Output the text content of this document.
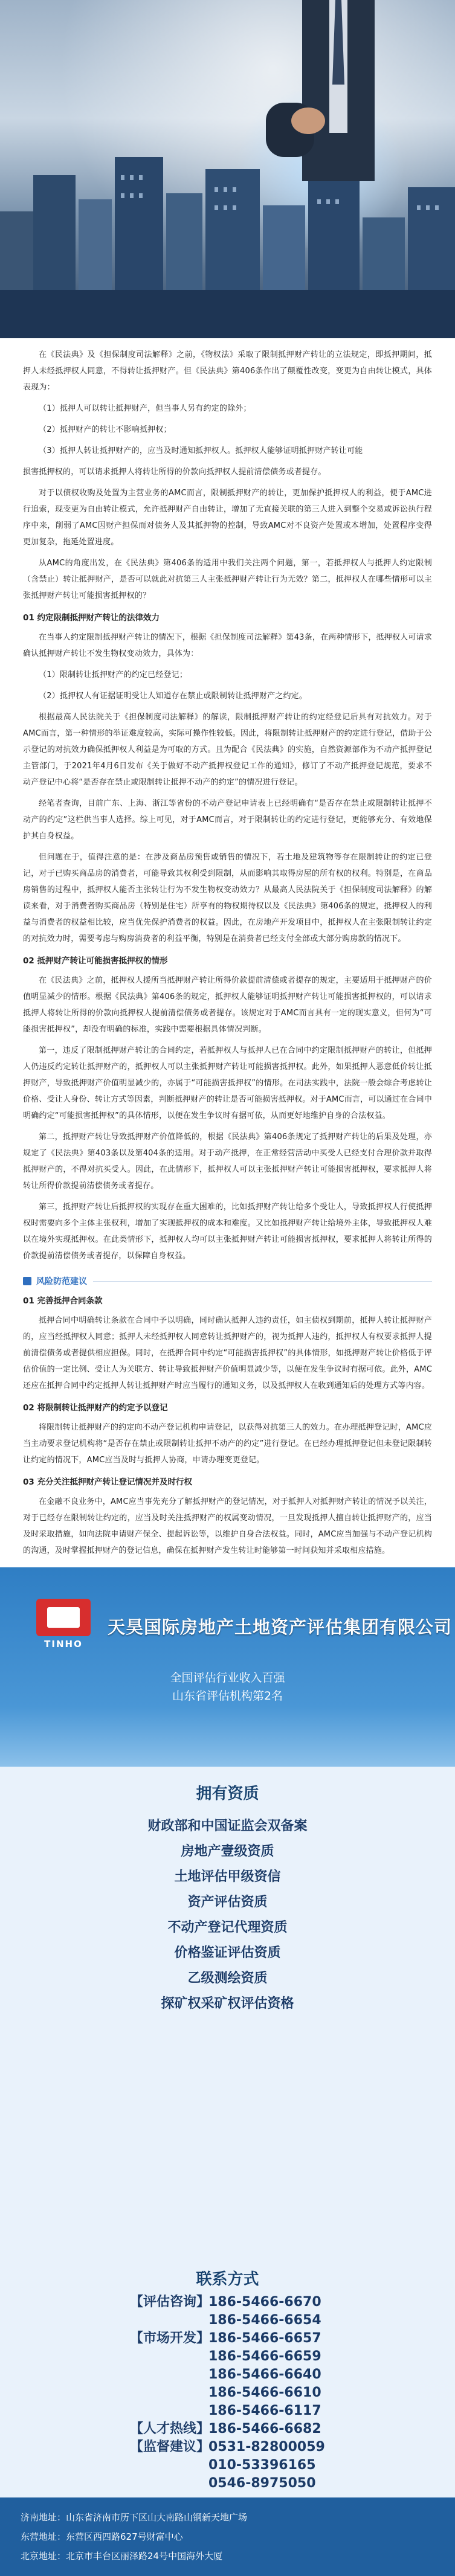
在《民法典》及《担保制度司法解释》之前，《物权法》采取了限制抵押财产转让的立法规定，即抵押期间，抵押人未经抵押权人同意，不得转让抵押财产。但《民法典》第406条作出了颠覆性改变，变更为自由转让模式，具体表现为：

（1）抵押人可以转让抵押财产，但当事人另有约定的除外；

（2）抵押财产的转让不影响抵押权；

（3）抵押人转让抵押财产的，应当及时通知抵押权人。抵押权人能够证明抵押财产转让可能

损害抵押权的，可以请求抵押人将转让所得的价款向抵押权人提前清偿债务或者提存。

对于以债权收购及处置为主营业务的AMC而言，限制抵押财产的转让，更加保护抵押权人的利益，便于AMC进行追索，现变更为自由转让模式，允许抵押财产自由转让，增加了无直接关联的第三人进入到整个交易或诉讼执行程序中来，削弱了AMC因财产担保而对债务人及其抵押物的控制，导致AMC对不良资产处置或本增加，处置程序变得更加复杂，拖延处置进度。

从AMC的角度出发，在《民法典》第406条的适用中我们关注两个问题，第一，若抵押权人与抵押人约定限制（含禁止）转让抵押财产，是否可以就此对抗第三人主张抵押财产转让行为无效？第二，抵押权人在哪些情形可以主张抵押财产转让可能损害抵押权的？

01 约定限制抵押财产转让的法律效力

在当事人约定限制抵押财产转让的情况下，根据《担保制度司法解释》第43条，在两种情形下，抵押权人可请求确认抵押财产转让不发生物权变动效力，具体为：

（1）限制转让抵押财产的约定已经登记；

（2）抵押权人有证据证明受让人知道存在禁止或限制转让抵押财产之约定。

根据最高人民法院关于《担保制度司法解释》的解读，限制抵押财产转让的约定经登记后具有对抗效力。对于AMC而言，第一种情形的举证难度较高，实际可操作性较低。因此，将限制转让抵押财产的约定进行登记，借助于公示登记的对抗效力确保抵押权人利益是为可取的方式。且为配合《民法典》的实施，自然资源部作为不动产抵押登记主管部门，于2021年4月6日发布《关于做好不动产抵押权登记工作的通知》，修订了不动产抵押登记规范，要求不动产登记中心将“是否存在禁止或限制转让抵押不动产的约定”的情况进行登记。

经笔者查询，目前广东、上海、浙江等省份的不动产登记申请表上已经明确有“是否存在禁止或限制转让抵押不动产的约定”这栏供当事人选择。综上可见，对于AMC而言，对于限制转让的约定进行登记，更能够充分、有效地保护其自身权益。

但问题在于，值得注意的是：在涉及商品房预售或销售的情况下，若土地及建筑物等存在限制转让的约定已登记，对于已购买商品房的消费者，可能导致其权利受到限制，从而影响其取得房屋的所有权的权利。特别是，在商品房销售的过程中，抵押权人能否主张转让行为不发生物权变动效力？从最高人民法院关于《担保制度司法解释》的解读来看，对于消费者购买商品房（特别是住宅）所享有的物权期待权以及《民法典》第406条的规定，抵押权人的利益与消费者的权益相比较，应当优先保护消费者的权益。因此，在房地产开发项目中，抵押权人在主张限制转让约定的对抗效力时，需要考虑与购房消费者的利益平衡，特别是在消费者已经支付全部或大部分购房款的情况下。

02 抵押财产转让可能损害抵押权的情形

在《民法典》之前，抵押权人援所当抵押财产转让所得价款提前清偿或者提存的规定，主要适用于抵押财产的价值明显减少的情形。根据《民法典》第406条的规定，抵押权人能够证明抵押财产转让可能损害抵押权的，可以请求抵押人将转让所得的价款向抵押权人提前清偿债务或者提存。该规定对于AMC而言具有一定的现实意义，但何为“可能损害抵押权”，却没有明确的标准，实践中需要根据具体情况判断。

第一，违反了限制抵押财产转让的合同约定，若抵押权人与抵押人已在合同中约定限制抵押财产的转让，但抵押人仍违反约定转让抵押财产的，抵押权人可以主张抵押财产转让可能损害抵押权。此外，如果抵押人恶意低价转让抵押财产，导致抵押财产价值明显减少的，亦属于“可能损害抵押权”的情形。在司法实践中，法院一般会综合考虑转让价格、受让人身份、转让方式等因素，判断抵押财产的转让是否可能损害抵押权。对于AMC而言，可以通过在合同中明确约定“可能损害抵押权”的具体情形，以便在发生争议时有据可依，从而更好地维护自身的合法权益。

第二，抵押财产转让导致抵押财产价值降低的，根据《民法典》第406条规定了抵押财产转让的后果及处理，亦规定了《民法典》第403条以及第404条的适用。对于动产抵押，在正常经营活动中买受人已经支付合理价款并取得抵押财产的，不得对抗买受人。因此，在此情形下，抵押权人可以主张抵押财产转让可能损害抵押权，要求抵押人将转让所得价款提前清偿债务或者提存。

第三，抵押财产转让后抵押权的实现存在重大困难的，比如抵押财产转让给多个受让人，导致抵押权人行使抵押权时需要向多个主体主张权利，增加了实现抵押权的成本和难度。又比如抵押财产转让给境外主体，导致抵押权人难以在境外实现抵押权。在此类情形下，抵押权人均可以主张抵押财产转让可能损害抵押权，要求抵押人将转让所得的价款提前清偿债务或者提存，以保障自身权益。

风险防范建议
01 完善抵押合同条款

抵押合同中明确转让条款在合同中予以明确，同时确认抵押人违约责任，如主债权到期前，抵押人转让抵押财产的，应当经抵押权人同意；抵押人未经抵押权人同意转让抵押财产的，视为抵押人违约，抵押权人有权要求抵押人提前清偿债务或者提供相应担保。同时，在抵押合同中约定“可能损害抵押权”的具体情形，如抵押财产转让价格低于评估价值的一定比例、受让人为关联方、转让导致抵押财产价值明显减少等，以便在发生争议时有据可依。此外，AMC还应在抵押合同中约定抵押人转让抵押财产时应当履行的通知义务，以及抵押权人在收到通知后的处理方式等内容。

02 将限制转让抵押财产的约定予以登记

将限制转让抵押财产的约定向不动产登记机构申请登记，以获得对抗第三人的效力。在办理抵押登记时，AMC应当主动要求登记机构将“是否存在禁止或限制转让抵押不动产的约定”进行登记。在已经办理抵押登记但未登记限制转让约定的情况下，AMC应当及时与抵押人协商，申请办理变更登记。

03 充分关注抵押财产转让登记情况并及时行权

在金融不良业务中，AMC应当事先充分了解抵押财产的登记情况，对于抵押人对抵押财产转让的情况予以关注，对于已经存在限制转让约定的，应当及时关注抵押财产的权属变动情况，一旦发现抵押人擅自转让抵押财产的，应当及时采取措施，如向法院申请财产保全、提起诉讼等，以维护自身合法权益。同时，AMC应当加强与不动产登记机构的沟通，及时掌握抵押财产的登记信息，确保在抵押财产发生转让时能够第一时间获知并采取相应措施。

TINHO
天昊国际房地产土地资产评估集团有限公司
全国评估行业收入百强
山东省评估机构第2名
拥有资质
财政部和中国证监会双备案
房地产壹级资质
土地评估甲级资信
资产评估资质
不动产登记代理资质
价格鉴证评估资质
乙级测绘资质
探矿权采矿权评估资格
联系方式
【评估咨询】
186-5466-6670
186-5466-6654
【市场开发】
186-5466-6657
186-5466-6659
186-5466-6640
186-5466-6610
186-5466-6117
【人才热线】
186-5466-6682
【监督建议】
0531-82800059
010-53396165
0546-8975050
济南地址：山东省济南市历下区山大南路山钢新天地广场
东营地址：东营区西四路627号财富中心
北京地址：北京市丰台区丽泽路24号中国海外大厦
